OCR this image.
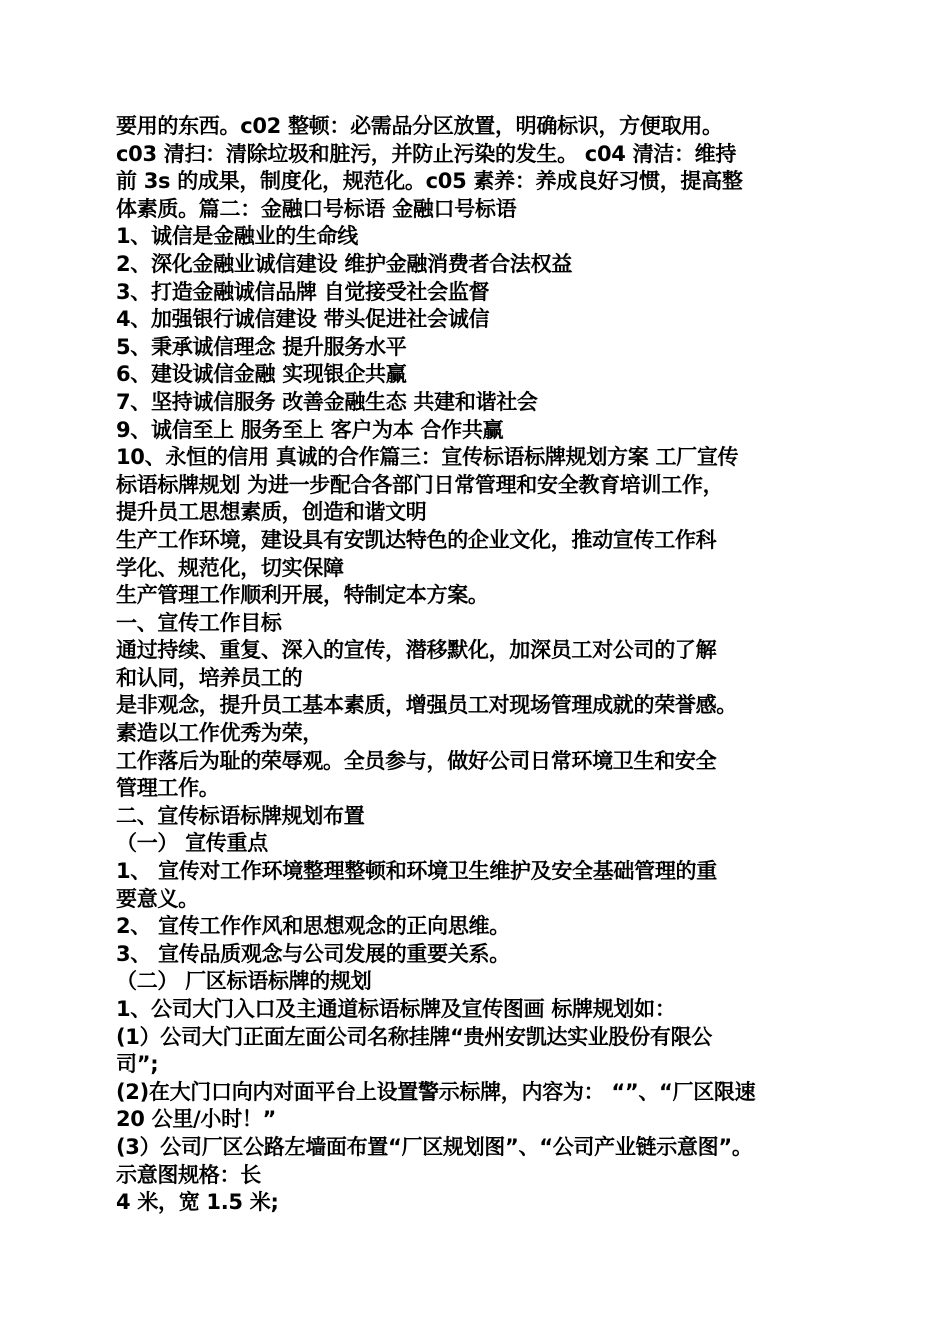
要用的东西。c02 整顿：必需品分区放置，明确标识，方便取用。
c03 清扫：清除垃圾和脏污，并防止污染的发生。 c04 清洁：维持
前 3s 的成果，制度化，规范化。c05 素养：养成良好习惯，提高整
体素质。篇二：金融口号标语 金融口号标语
1、诚信是金融业的生命线
2、深化金融业诚信建设 维护金融消费者合法权益
3、打造金融诚信品牌 自觉接受社会监督
4、加强银行诚信建设 带头促进社会诚信
5、秉承诚信理念 提升服务水平
6、建设诚信金融 实现银企共赢
7、坚持诚信服务 改善金融生态 共建和谐社会
9、诚信至上 服务至上 客户为本 合作共赢
10、永恒的信用 真诚的合作篇三：宣传标语标牌规划方案 工厂宣传
标语标牌规划 为进一步配合各部门日常管理和安全教育培训工作，
提升员工思想素质，创造和谐文明
生产工作环境，建设具有安凯达特色的企业文化，推动宣传工作科
学化、规范化，切实保障
生产管理工作顺利开展，特制定本方案。
一、宣传工作目标
通过持续、重复、深入的宣传，潜移默化，加深员工对公司的了解
和认同，培养员工的
是非观念，提升员工基本素质，增强员工对现场管理成就的荣誉感。
素造以工作优秀为荣，
工作落后为耻的荣辱观。全员参与，做好公司日常环境卫生和安全
管理工作。
二、宣传标语标牌规划布置
（一） 宣传重点
1、 宣传对工作环境整理整顿和环境卫生维护及安全基础管理的重
要意义。
2、 宣传工作作风和思想观念的正向思维。
3、 宣传品质观念与公司发展的重要关系。
（二） 厂区标语标牌的规划
1、公司大门入口及主通道标语标牌及宣传图画 标牌规划如：
(1）公司大门正面左面公司名称挂牌“贵州安凯达实业股份有限公
司”;
(2)在大门口向内对面平台上设置警示标牌，内容为： “”、“厂区限速
20 公里/小时！”
(3）公司厂区公路左墙面布置“厂区规划图”、“公司产业链示意图”。
示意图规格：长
4 米，宽 1.5 米;
